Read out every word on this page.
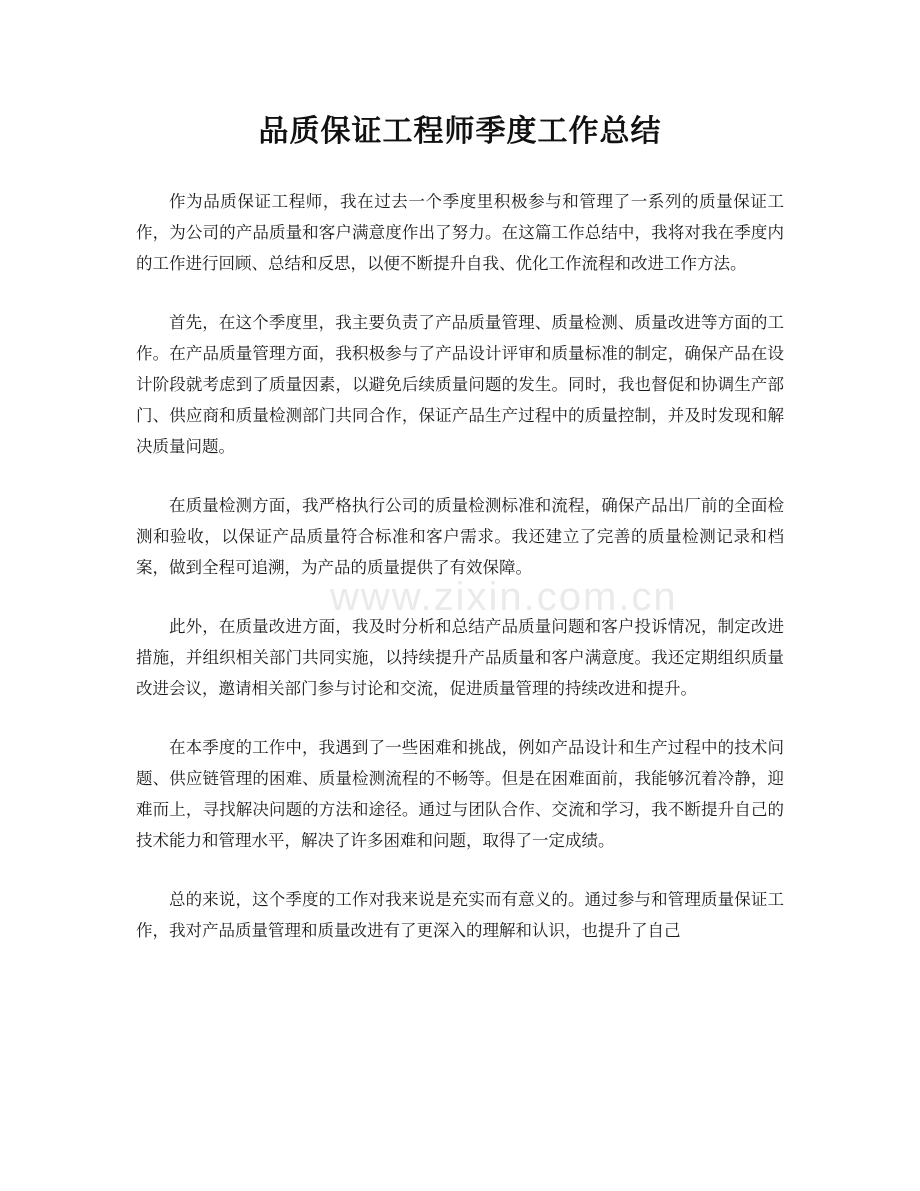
品质保证工程师季度工作总结

作为品质保证工程师，我在过去一个季度里积极参与和管理了一系列的质量保证工作，为公司的产品质量和客户满意度作出了努力。在这篇工作总结中，我将对我在季度内的工作进行回顾、总结和反思，以便不断提升自我、优化工作流程和改进工作方法。

首先，在这个季度里，我主要负责了产品质量管理、质量检测、质量改进等方面的工作。在产品质量管理方面，我积极参与了产品设计评审和质量标准的制定，确保产品在设计阶段就考虑到了质量因素，以避免后续质量问题的发生。同时，我也督促和协调生产部门、供应商和质量检测部门共同合作，保证产品生产过程中的质量控制，并及时发现和解决质量问题。

在质量检测方面，我严格执行公司的质量检测标准和流程，确保产品出厂前的全面检测和验收，以保证产品质量符合标准和客户需求。我还建立了完善的质量检测记录和档案，做到全程可追溯，为产品的质量提供了有效保障。

此外，在质量改进方面，我及时分析和总结产品质量问题和客户投诉情况，制定改进措施，并组织相关部门共同实施，以持续提升产品质量和客户满意度。我还定期组织质量改进会议，邀请相关部门参与讨论和交流，促进质量管理的持续改进和提升。

在本季度的工作中，我遇到了一些困难和挑战，例如产品设计和生产过程中的技术问题、供应链管理的困难、质量检测流程的不畅等。但是在困难面前，我能够沉着冷静，迎难而上，寻找解决问题的方法和途径。通过与团队合作、交流和学习，我不断提升自己的技术能力和管理水平，解决了许多困难和问题，取得了一定成绩。

总的来说，这个季度的工作对我来说是充实而有意义的。通过参与和管理质量保证工作，我对产品质量管理和质量改进有了更深入的理解和认识，也提升了自己

www.zixin.com.cn
